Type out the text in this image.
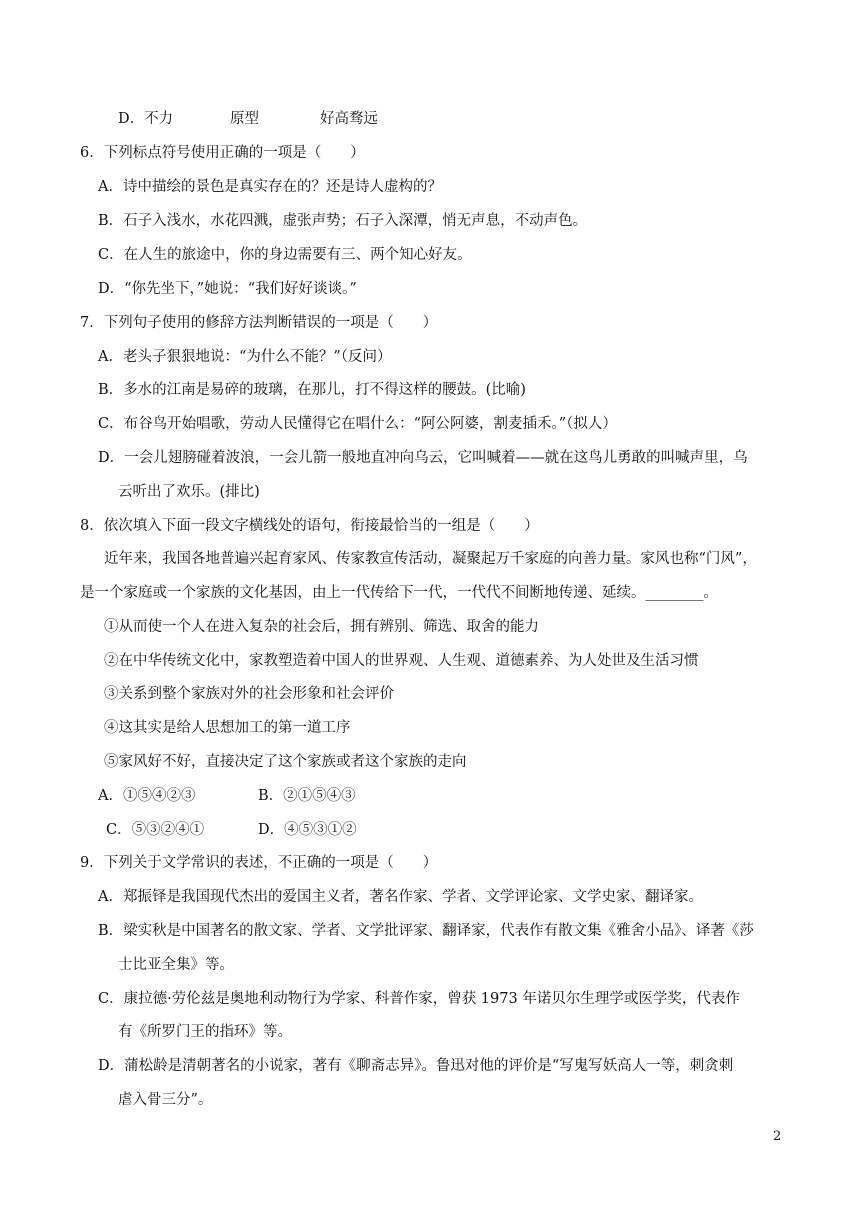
D．不力	原型	好高骛远
6．下列标点符号使用正确的一项是（　　）
A．诗中描绘的景色是真实存在的？还是诗人虚构的？
B．石子入浅水，水花四溅，虚张声势；石子入深潭，悄无声息，不动声色。
C．在人生的旅途中，你的身边需要有三、两个知心好友。
D．“你先坐下，”她说：“我们好好谈谈。”
7．下列句子使用的修辞方法判断错误的一项是（　　）
A．老头子狠狠地说：“为什么不能？”（反问）
B．多水的江南是易碎的玻璃，在那儿，打不得这样的腰鼓。(比喻)
C．布谷鸟开始唱歌，劳动人民懂得它在唱什么：“阿公阿婆，割麦插禾。”（拟人）
D．一会儿翅膀碰着波浪，一会儿箭一般地直冲向乌云，它叫喊着——就在这鸟儿勇敢的叫喊声里，乌
云听出了欢乐。(排比)
8．依次填入下面一段文字横线处的语句，衔接最恰当的一组是（　　）
近年来，我国各地普遍兴起育家风、传家教宣传活动，凝聚起万千家庭的向善力量。家风也称“门风”，
是一个家庭或一个家族的文化基因，由上一代传给下一代，一代代不间断地传递、延续。________。
①从而使一个人在进入复杂的社会后，拥有辨别、筛选、取舍的能力
②在中华传统文化中，家教塑造着中国人的世界观、人生观、道德素养、为人处世及生活习惯
③关系到整个家族对外的社会形象和社会评价
④这其实是给人思想加工的第一道工序
⑤家风好不好，直接决定了这个家族或者这个家族的走向
A．①⑤④②③	B．②①⑤④③
C．⑤③②④①	D．④⑤③①②
9．下列关于文学常识的表述，不正确的一项是（　　）
A．郑振铎是我国现代杰出的爱国主义者，著名作家、学者、文学评论家、文学史家、翻译家。
B．梁实秋是中国著名的散文家、学者、文学批评家、翻译家，代表作有散文集《雅舍小品》、译著《莎
士比亚全集》等。
C．康拉德·劳伦兹是奥地利动物行为学家、科普作家，曾获 1973 年诺贝尔生理学或医学奖，代表作
有《所罗门王的指环》等。
D．蒲松龄是清朝著名的小说家，著有《聊斋志异》。鲁迅对他的评价是“写鬼写妖高人一等，刺贪刺
虐入骨三分”。
2
